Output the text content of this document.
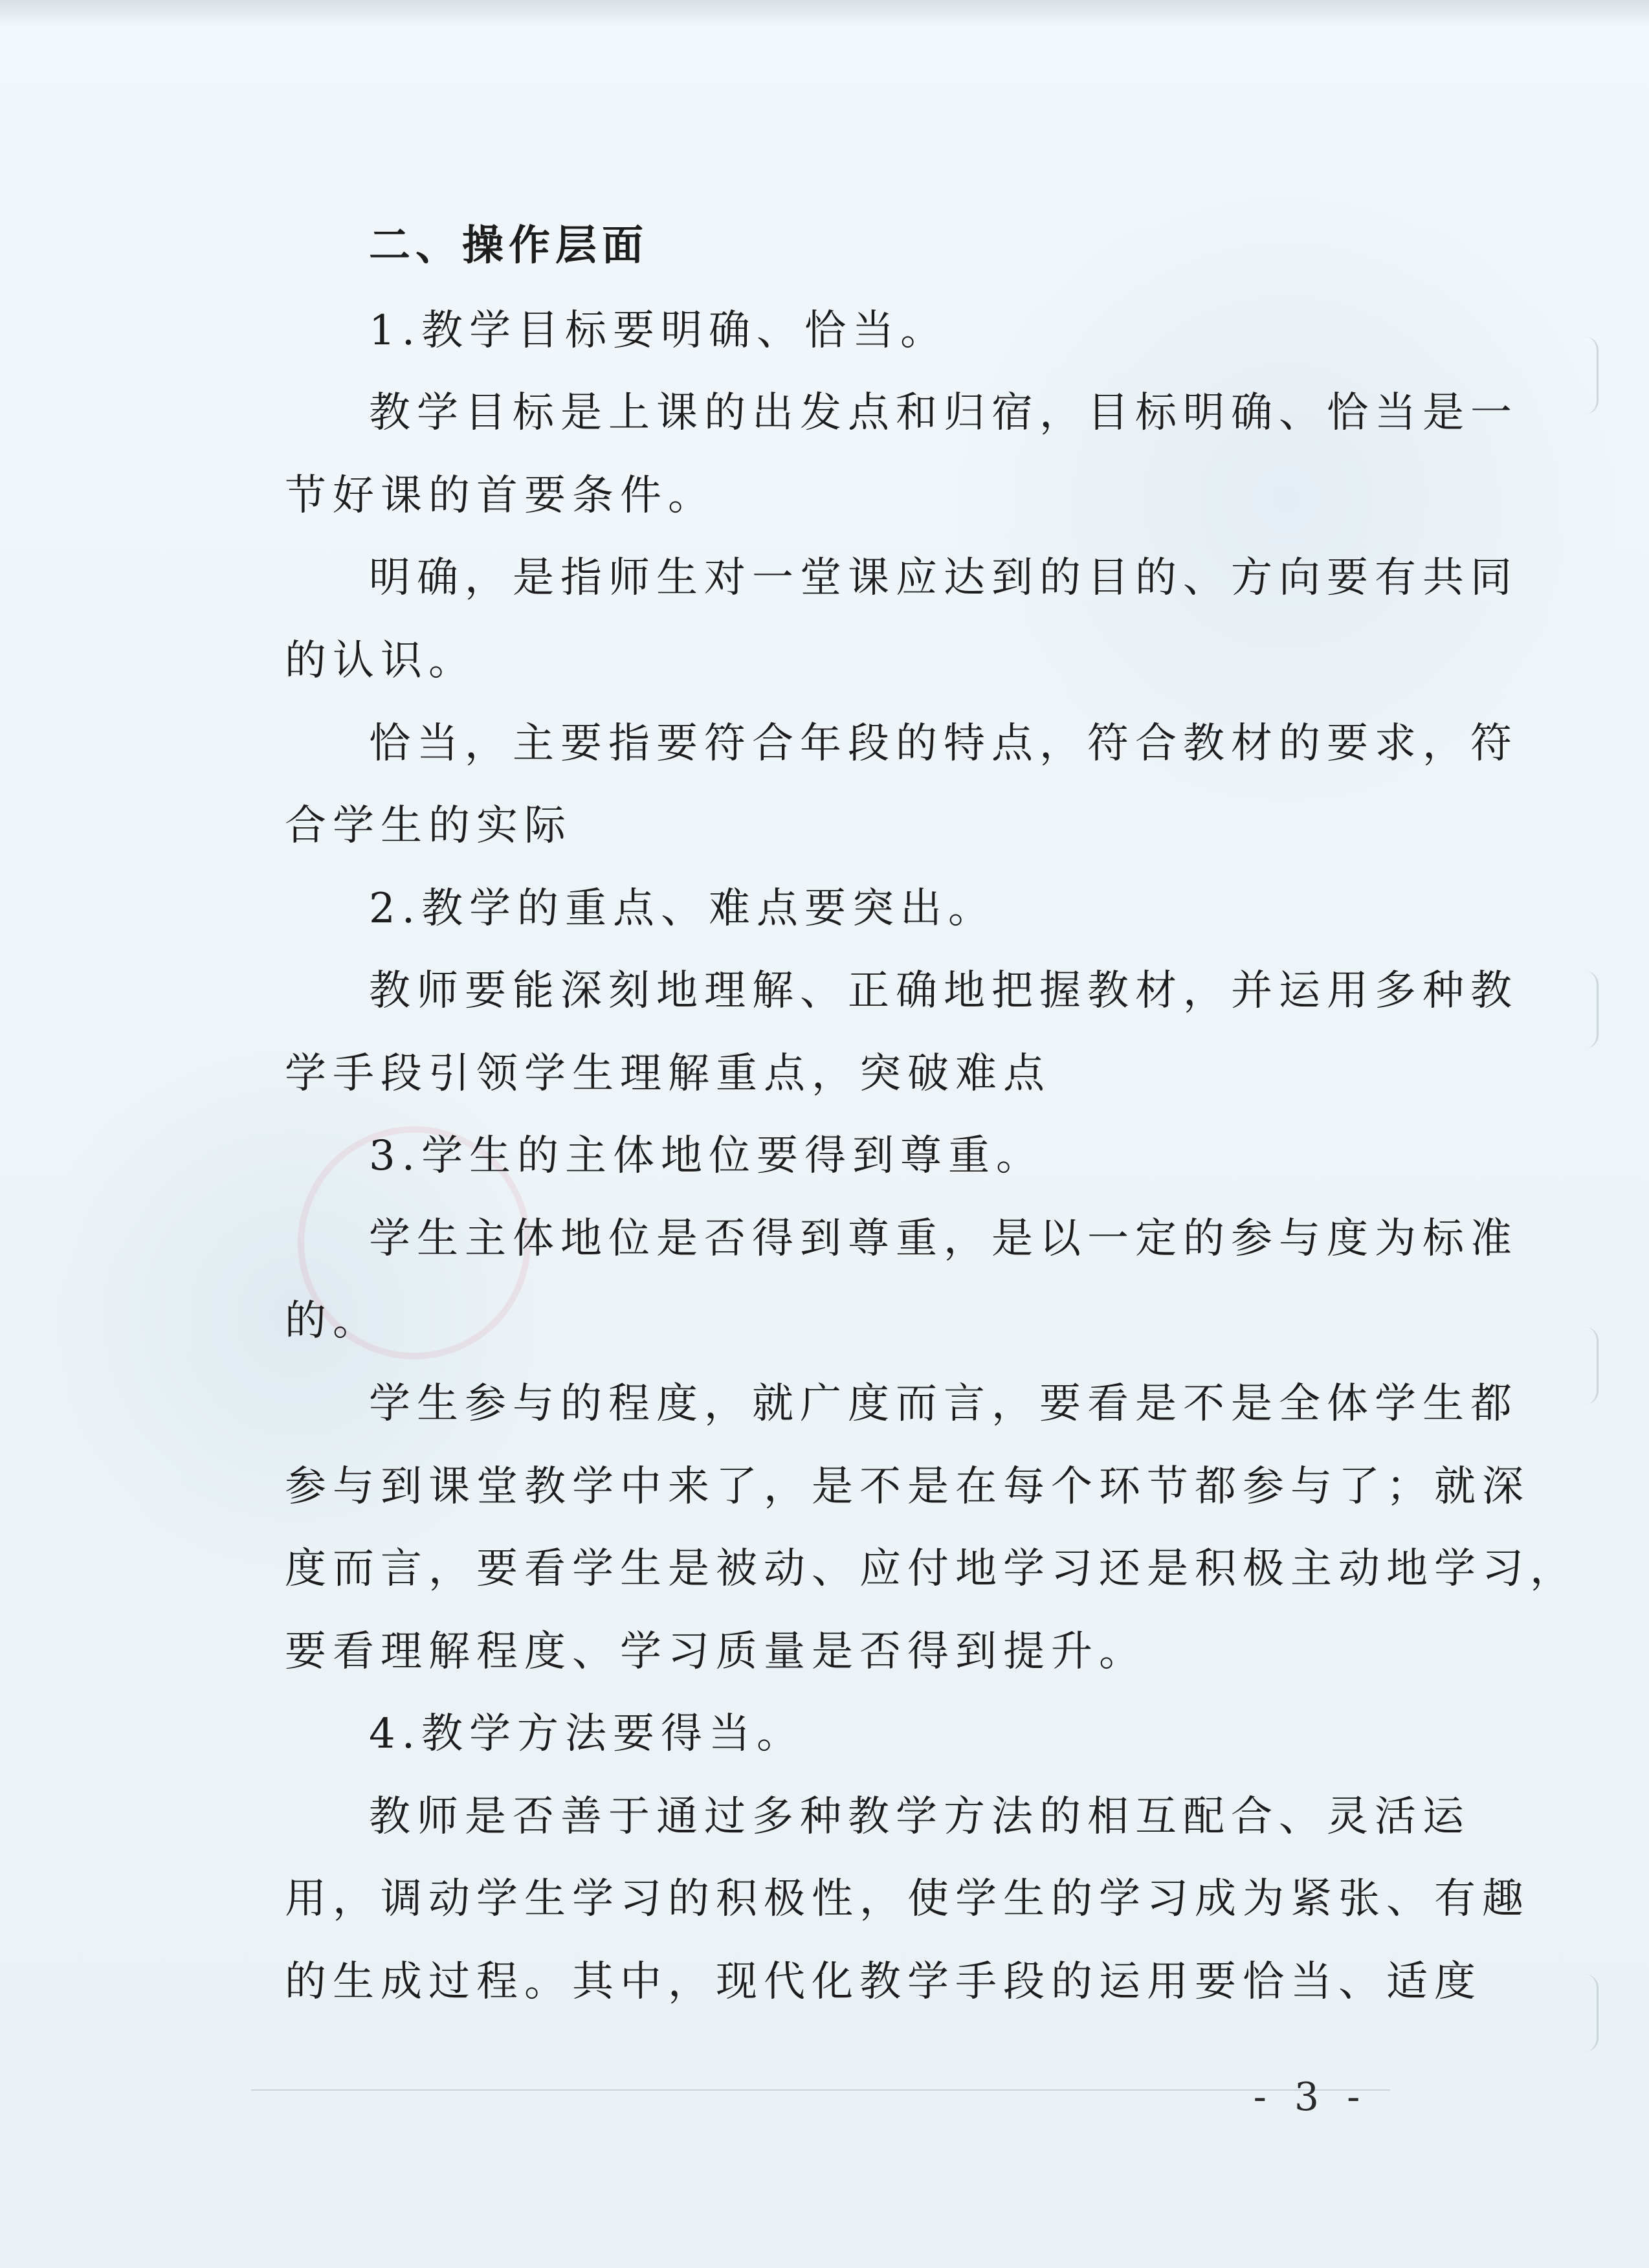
二、操作层面
1.教学目标要明确、恰当。
教学目标是上课的出发点和归宿，目标明确、恰当是一
节好课的首要条件。
明确，是指师生对一堂课应达到的目的、方向要有共同
的认识。
恰当，主要指要符合年段的特点，符合教材的要求，符
合学生的实际
2.教学的重点、难点要突出。
教师要能深刻地理解、正确地把握教材，并运用多种教
学手段引领学生理解重点，突破难点
3.学生的主体地位要得到尊重。
学生主体地位是否得到尊重，是以一定的参与度为标准
的。
学生参与的程度，就广度而言，要看是不是全体学生都
参与到课堂教学中来了，是不是在每个环节都参与了；就深
度而言，要看学生是被动、应付地学习还是积极主动地学习，
要看理解程度、学习质量是否得到提升。
4.教学方法要得当。
教师是否善于通过多种教学方法的相互配合、灵活运
用，调动学生学习的积极性，使学生的学习成为紧张、有趣
的生成过程。其中，现代化教学手段的运用要恰当、适度
- 3 -
